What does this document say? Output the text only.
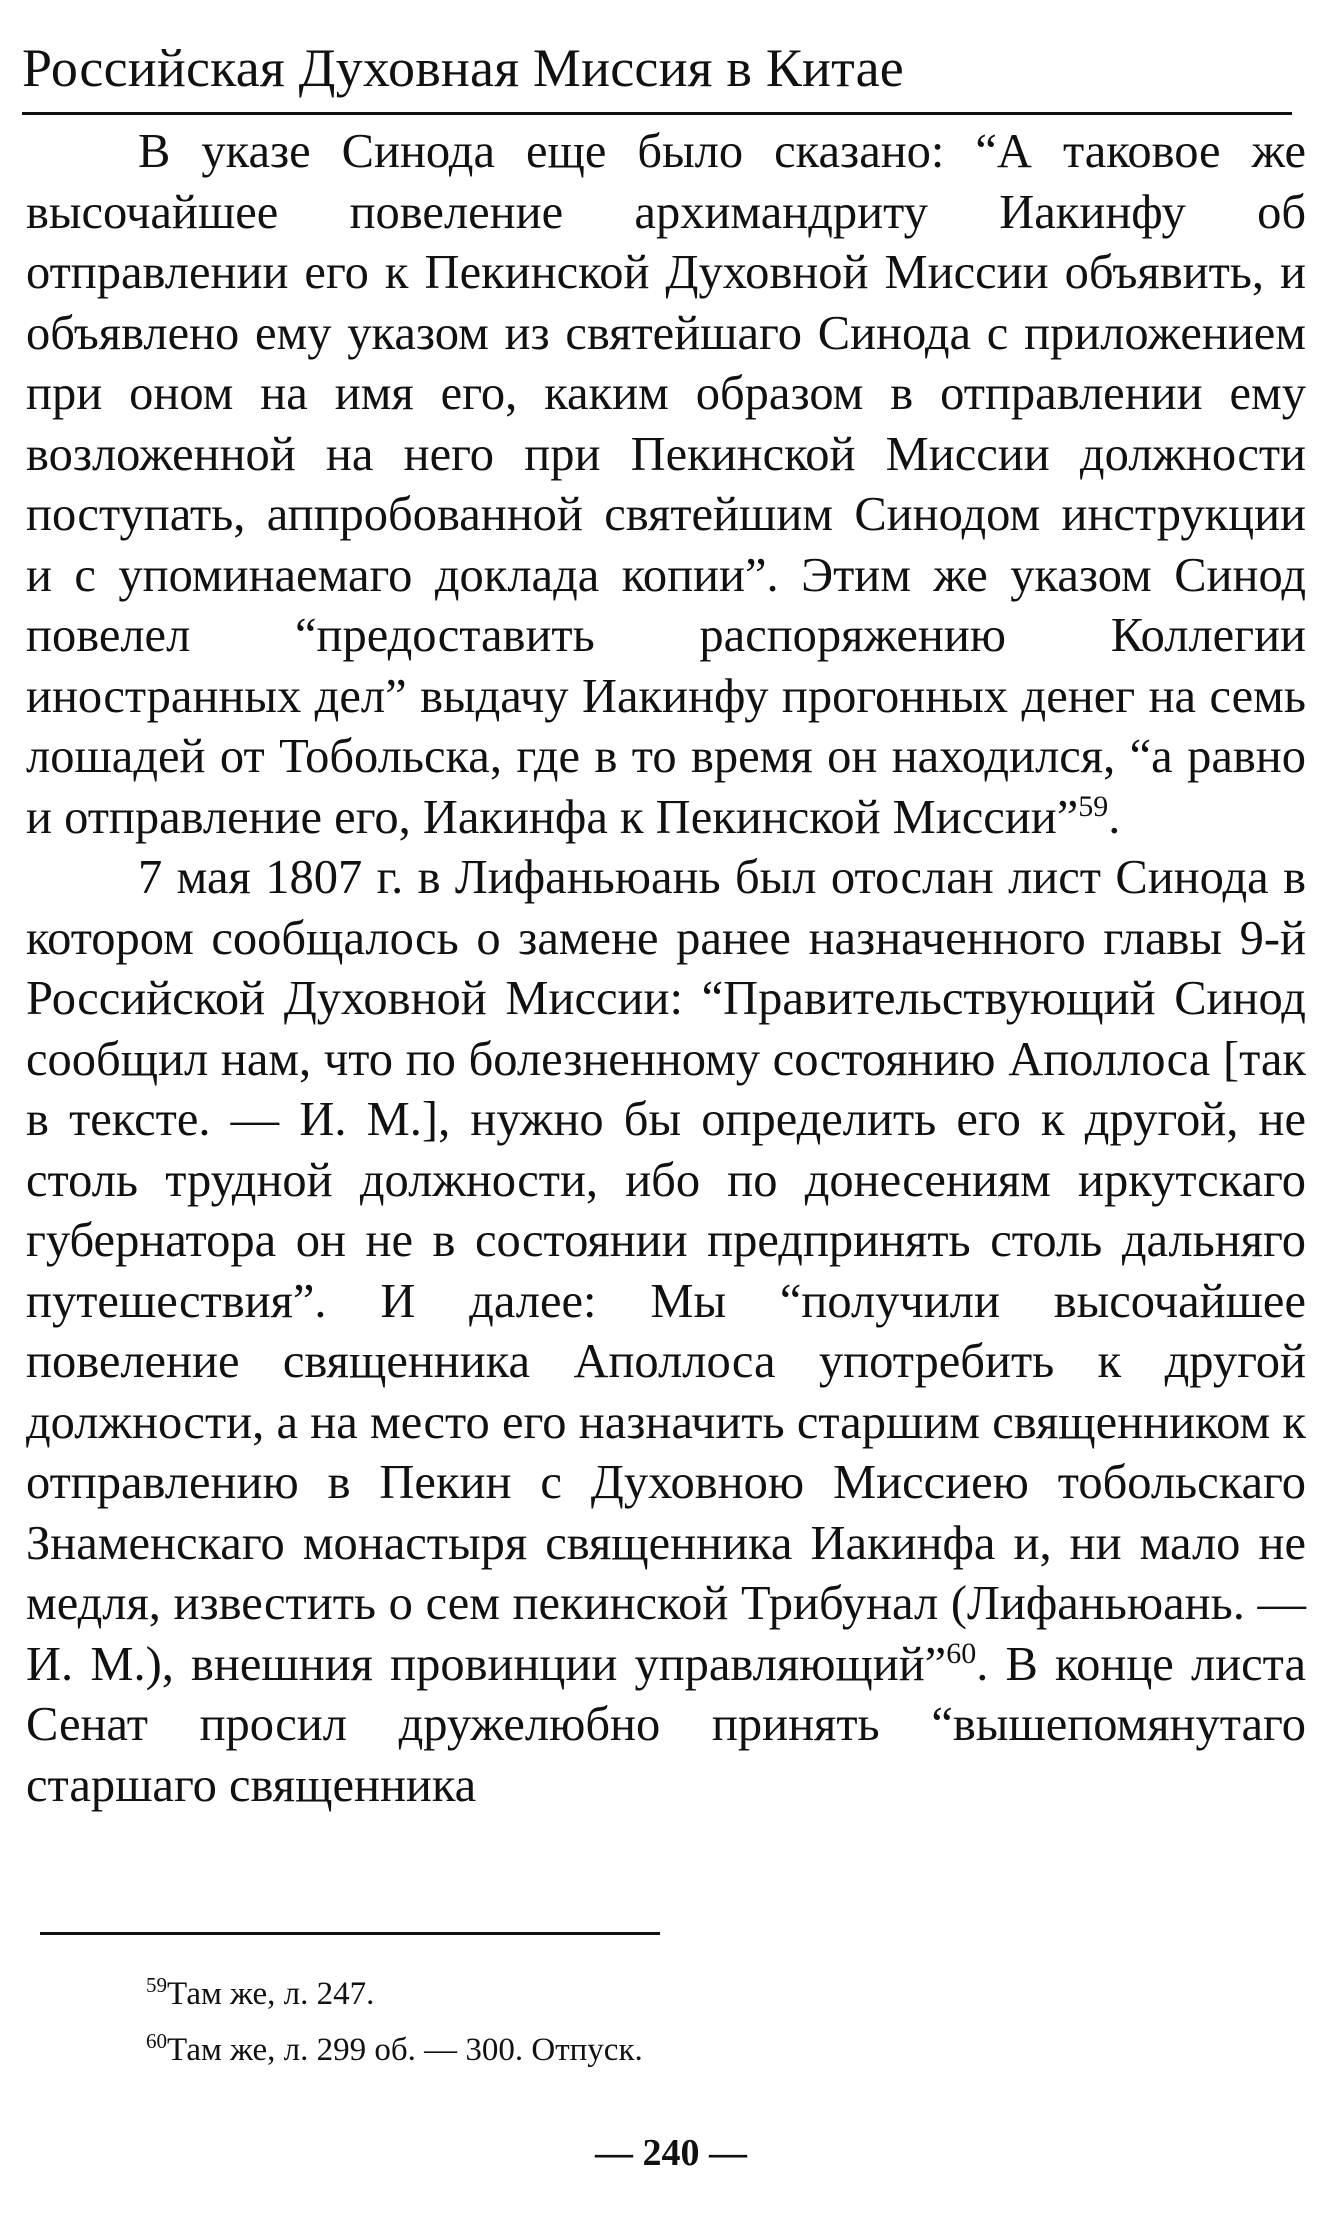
Российская Духовная Миссия в Китае

В указе Синода еще было сказано: “А таковое же высочайшее повеление архимандриту Иакинфу об отправлении его к Пекинской Духовной Миссии объявить, и объявлено ему указом из святейшаго Синода с приложением при оном на имя его, каким образом в отправлении ему возложенной на него при Пекинской Миссии должности поступать, аппробованной святейшим Синодом инструкции и с упоминаемаго доклада копии”. Этим же указом Синод повелел “предоставить распоряжению Коллегии иностранных дел” выдачу Иакинфу прогонных денег на семь лошадей от Тобольска, где в то время он находился, “а равно и отправление его, Иакинфа к Пекинской Миссии”$^{59}$.

7 мая 1807 г. в Лифаньюань был отослан лист Синода в котором сообщалось о замене ранее назначенного главы 9-й Российской Духовной Миссии: “Правительствующий Синод сообщил нам, что по болезненному состоянию Аполлоса [так в тексте. — И. М.], нужно бы определить его к другой, не столь трудной должности, ибо по донесениям иркутскаго губернатора он не в состоянии предпринять столь дальняго путешествия”. И далее: Мы “получили высочайшее повеление священника Аполлоса употребить к другой должности, а на место его назначить старшим священником к отправлению в Пекин с Духовною Миссиею тобольскаго Знаменскаго монастыря священника Иакинфа и, ни мало не медля, известить о сем пекинской Трибунал (Лифаньюань. — И. М.), внешния провинции управляющий”$^{60}$. В конце листа Сенат просил дружелюбно принять “вышепомянутаго старшаго священника

$^{59}$Там же, л. 247.

$^{60}$Там же, л. 299 об. — 300. Отпуск.

— 240 —
